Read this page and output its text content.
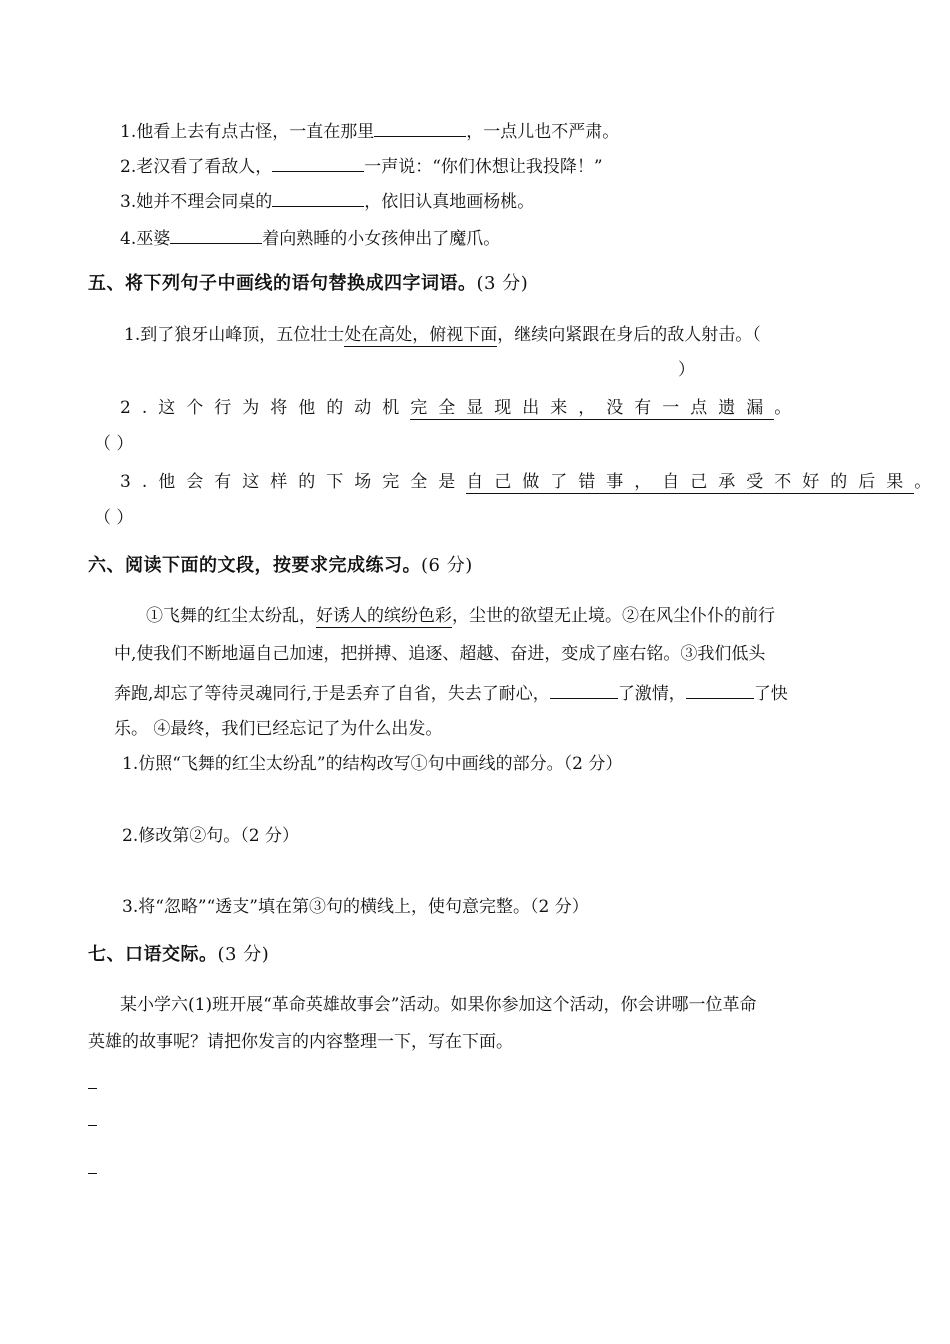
1.他看上去有点古怪，一直在那里	，一点儿也不严肃。
2.老汉看了看敌人，	一声说：“你们休想让我投降！”
3.她并不理会同桌的	，依旧认真地画杨桃。
4.巫婆	着向熟睡的小女孩伸出了魔爪。
五、将下列句子中画线的语句替换成四字词语。(3 分)
1.到了狼牙山峰顶，五位壮士处在高处，俯视下面，继续向紧跟在身后的敌人射击。（
）
2.这个行为将他的动机完全显现出来，没有一点遗漏。
（ ）
3.他会有这样的下场完全是自己做了错事，自己承受不好的后果。
（ ）
六、阅读下面的文段，按要求完成练习。(6 分)
①飞舞的红尘太纷乱，好诱人的缤纷色彩，尘世的欲望无止境。②在风尘仆仆的前行
中,使我们不断地逼自己加速，把拼搏、追逐、超越、奋进，变成了座右铭。③我们低头
奔跑,却忘了等待灵魂同行,于是丢弃了自省，失去了耐心，	了激情，	了快
乐。 ④最终，我们已经忘记了为什么出发。
1.仿照“飞舞的红尘太纷乱”的结构改写①句中画线的部分。（2 分）
2.修改第②句。（2 分）
3.将“忽略”“透支”填在第③句的横线上，使句意完整。（2 分）
七、口语交际。(3 分)
某小学六(1)班开展“革命英雄故事会”活动。如果你参加这个活动，你会讲哪一位革命
英雄的故事呢？请把你发言的内容整理一下，写在下面。
